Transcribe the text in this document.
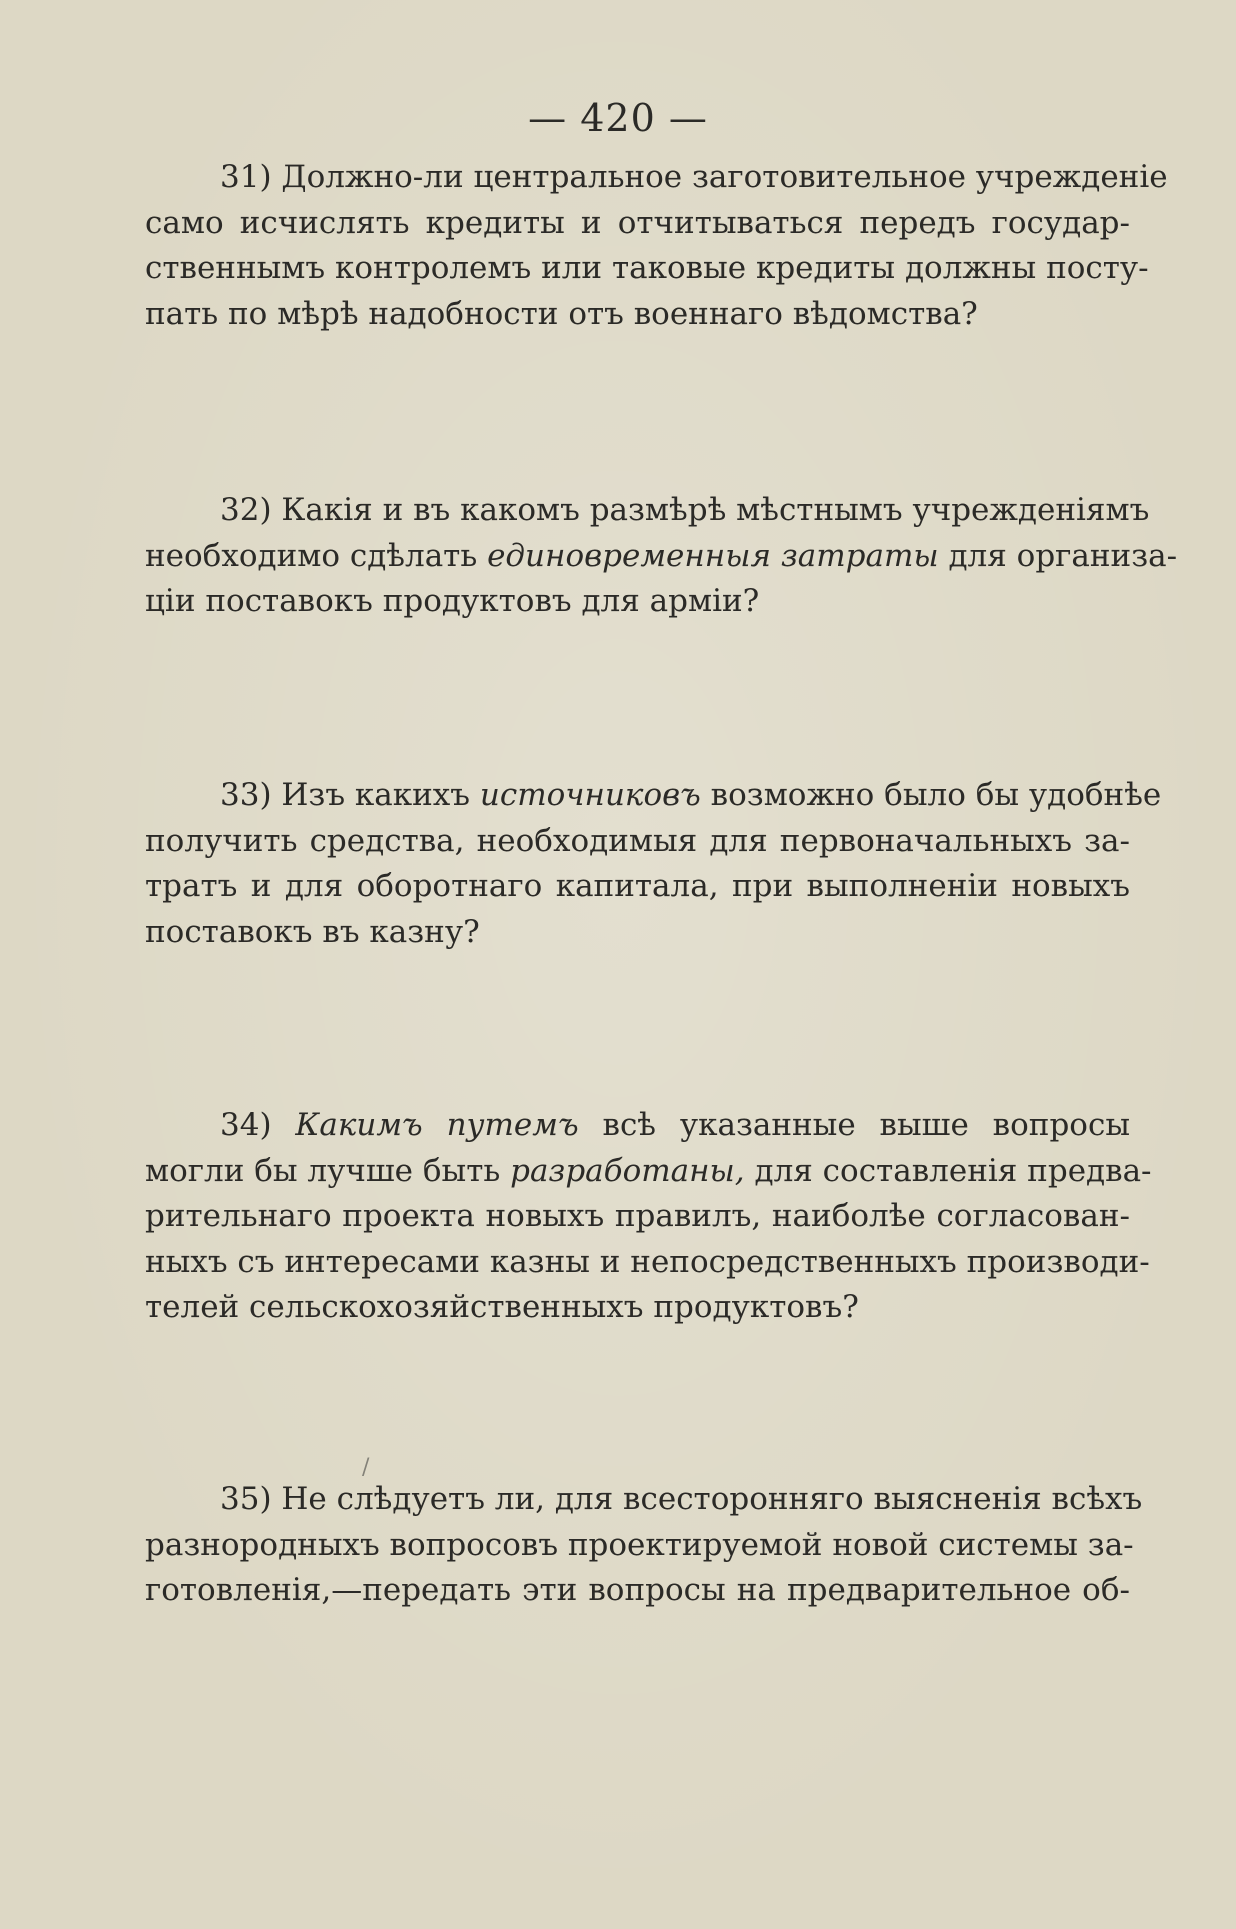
— 420 —
31) Должно-ли центральное заготовительное учрежденіе
само исчислять кредиты и отчитываться передъ государ-
ственнымъ контролемъ или таковые кредиты должны посту-
пать по мѣрѣ надобности отъ военнаго вѣдомства?
32) Какія и въ какомъ размѣрѣ мѣстнымъ учрежденіямъ
необходимо сдѣлать единовременныя затраты для организа-
ціи поставокъ продуктовъ для арміи?
33) Изъ какихъ источниковъ возможно было бы удобнѣе
получить средства, необходимыя для первоначальныхъ за-
тратъ и для оборотнаго капитала, при выполненіи новыхъ
поставокъ въ казну?
34) Какимъ путемъ всѣ указанные выше вопросы
могли бы лучше быть разработаны, для составленія предва-
рительнаго проекта новыхъ правилъ, наиболѣе согласован-
ныхъ съ интересами казны и непосредственныхъ производи-
телей сельскохозяйственныхъ продуктовъ?
35) Не слѣдуетъ ли, для всесторонняго выясненія всѣхъ
разнородныхъ вопросовъ проектируемой новой системы за-
готовленія,—передать эти вопросы на предварительное об-
/
